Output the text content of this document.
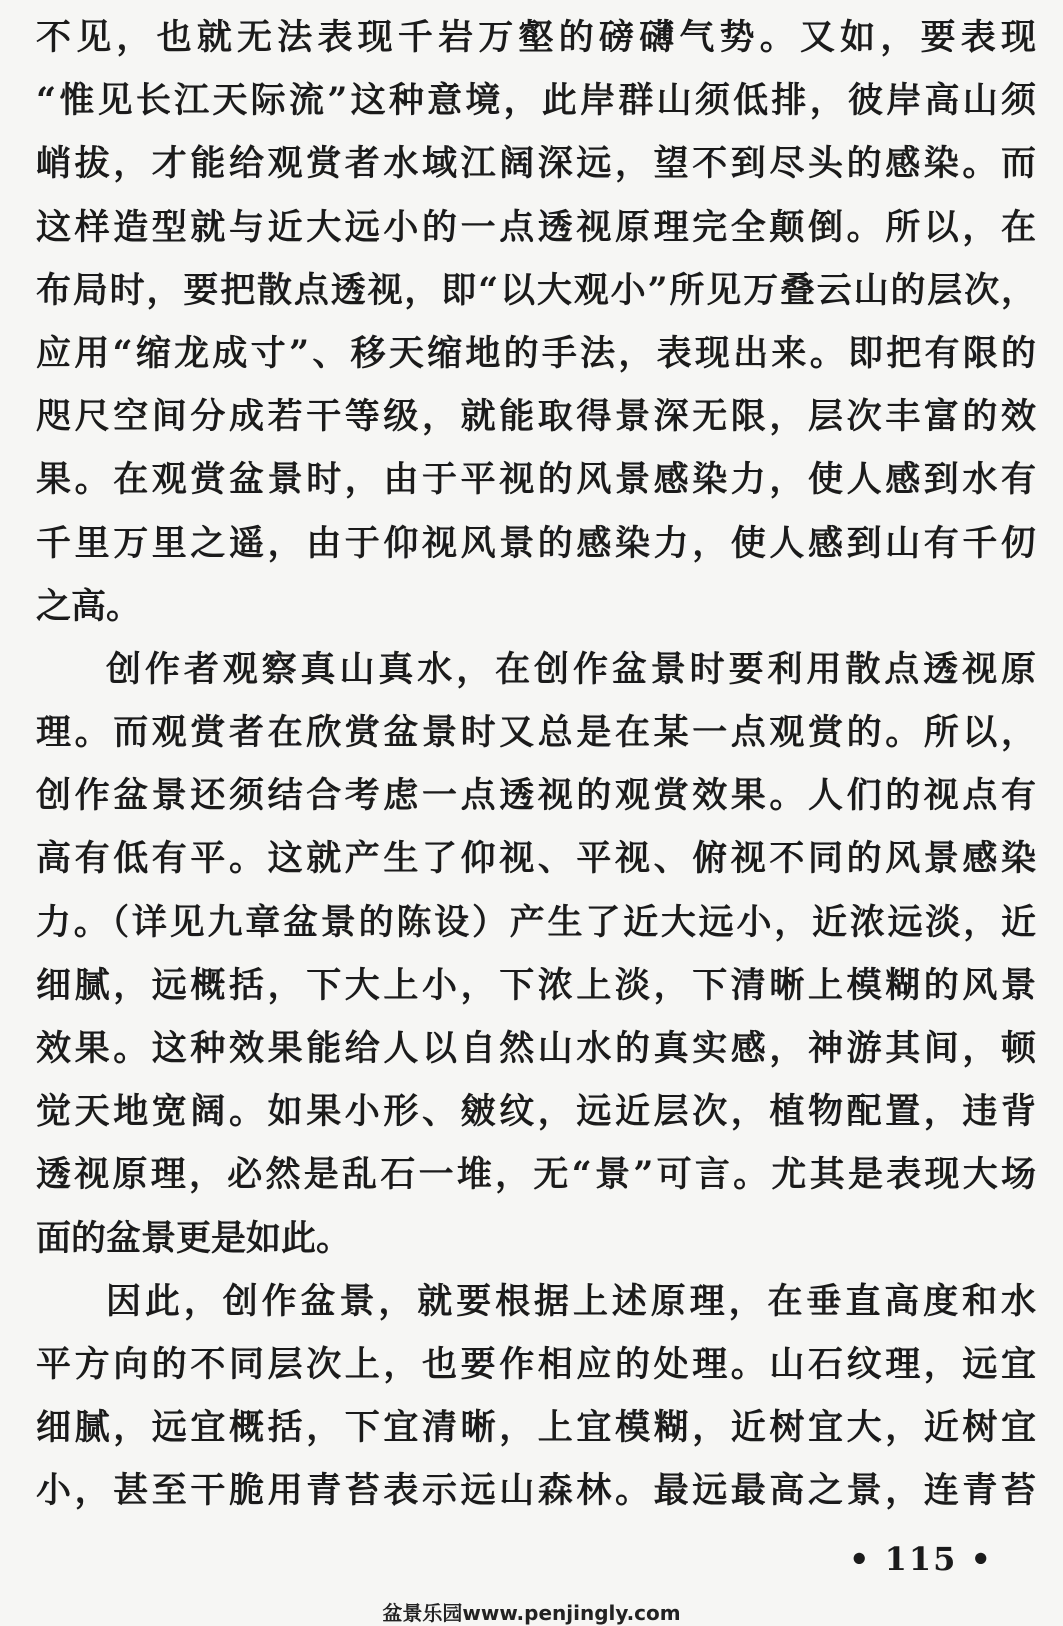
不见，也就无法表现千岩万壑的磅礴气势。又如，要表现
“惟见长江天际流”这种意境，此岸群山须低排，彼岸高山须
峭拔，才能给观赏者水域江阔深远，望不到尽头的感染。而
这样造型就与近大远小的一点透视原理完全颠倒。所以，在
布局时，要把散点透视，即“以大观小”所见万叠云山的层次，
应用“缩龙成寸”、移天缩地的手法，表现出来。即把有限的
咫尺空间分成若干等级，就能取得景深无限，层次丰富的效
果。在观赏盆景时，由于平视的风景感染力，使人感到水有
千里万里之遥，由于仰视风景的感染力，使人感到山有千仞
之高。
创作者观察真山真水，在创作盆景时要利用散点透视原
理。而观赏者在欣赏盆景时又总是在某一点观赏的。所以，
创作盆景还须结合考虑一点透视的观赏效果。人们的视点有
高有低有平。这就产生了仰视、平视、俯视不同的风景感染
力。（详见九章盆景的陈设）产生了近大远小，近浓远淡，近
细腻，远概括，下大上小，下浓上淡，下清晰上模糊的风景
效果。这种效果能给人以自然山水的真实感，神游其间，顿
觉天地宽阔。如果小形、皴纹，远近层次，植物配置，违背
透视原理，必然是乱石一堆，无“景”可言。尤其是表现大场
面的盆景更是如此。
因此，创作盆景，就要根据上述原理，在垂直高度和水
平方向的不同层次上，也要作相应的处理。山石纹理，远宜
细腻，远宜概括，下宜清晰，上宜模糊，近树宜大，近树宜
小，甚至干脆用青苔表示远山森林。最远最高之景，连青苔
• 115 •
盆景乐园www.penjingly.com
